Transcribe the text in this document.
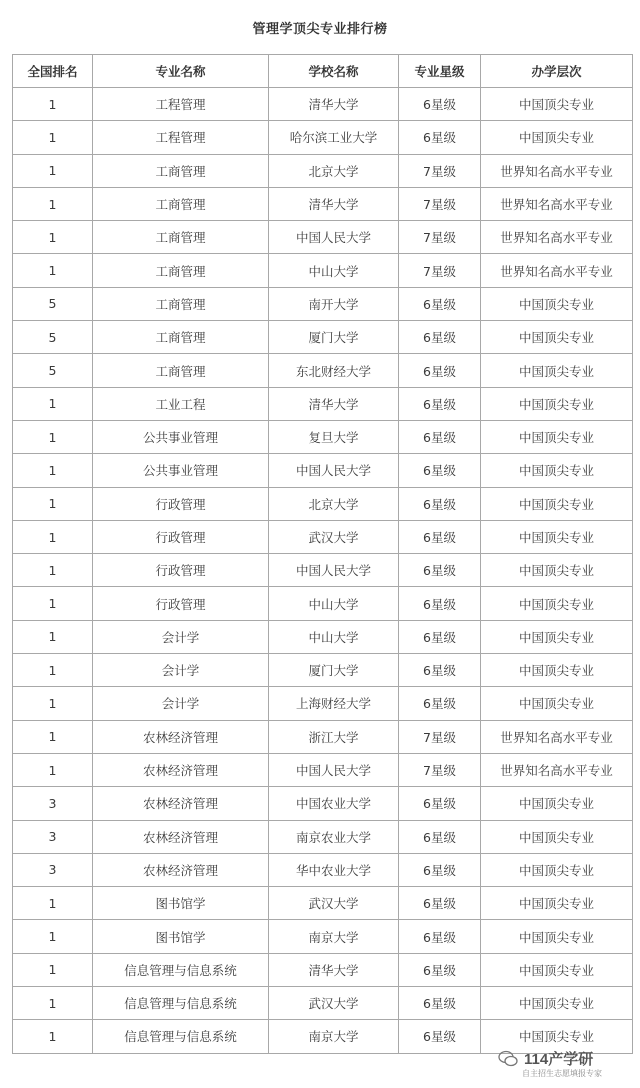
管理学顶尖专业排行榜
全国排名	专业名称	学校名称	专业星级	办学层次
1	工程管理	清华大学	6星级	中国顶尖专业
1	工程管理	哈尔滨工业大学	6星级	中国顶尖专业
1	工商管理	北京大学	7星级	世界知名高水平专业
1	工商管理	清华大学	7星级	世界知名高水平专业
1	工商管理	中国人民大学	7星级	世界知名高水平专业
1	工商管理	中山大学	7星级	世界知名高水平专业
5	工商管理	南开大学	6星级	中国顶尖专业
5	工商管理	厦门大学	6星级	中国顶尖专业
5	工商管理	东北财经大学	6星级	中国顶尖专业
1	工业工程	清华大学	6星级	中国顶尖专业
1	公共事业管理	复旦大学	6星级	中国顶尖专业
1	公共事业管理	中国人民大学	6星级	中国顶尖专业
1	行政管理	北京大学	6星级	中国顶尖专业
1	行政管理	武汉大学	6星级	中国顶尖专业
1	行政管理	中国人民大学	6星级	中国顶尖专业
1	行政管理	中山大学	6星级	中国顶尖专业
1	会计学	中山大学	6星级	中国顶尖专业
1	会计学	厦门大学	6星级	中国顶尖专业
1	会计学	上海财经大学	6星级	中国顶尖专业
1	农林经济管理	浙江大学	7星级	世界知名高水平专业
1	农林经济管理	中国人民大学	7星级	世界知名高水平专业
3	农林经济管理	中国农业大学	6星级	中国顶尖专业
3	农林经济管理	南京农业大学	6星级	中国顶尖专业
3	农林经济管理	华中农业大学	6星级	中国顶尖专业
1	图书馆学	武汉大学	6星级	中国顶尖专业
1	图书馆学	南京大学	6星级	中国顶尖专业
1	信息管理与信息系统	清华大学	6星级	中国顶尖专业
1	信息管理与信息系统	武汉大学	6星级	中国顶尖专业
1	信息管理与信息系统	南京大学	6星级	中国顶尖专业
114产学研
自主招生志愿填报专家
